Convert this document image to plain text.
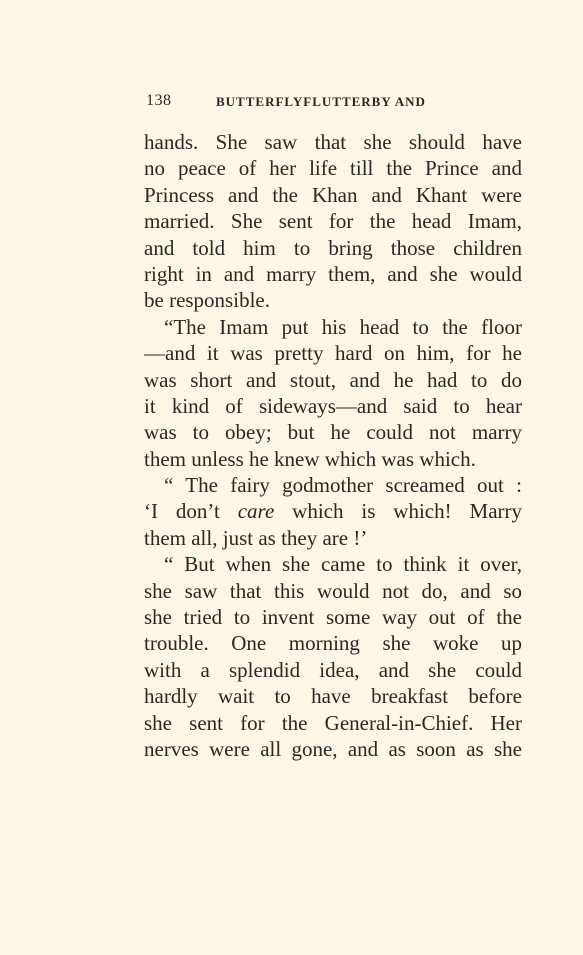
138	BUTTERFLYFLUTTERBY AND
hands. She saw that she should have
no peace of her life till the Prince and
Princess and the Khan and Khant were
married. She sent for the head Imam,
and told him to bring those children
right in and marry them, and she would
be responsible.
“The Imam put his head to the floor
—and it was pretty hard on him, for he
was short and stout, and he had to do
it kind of sideways—and said to hear
was to obey; but he could not marry
them unless he knew which was which.
“ The fairy godmother screamed out :
‘I don’t care which is which! Marry
them all, just as they are !’
“ But when she came to think it over,
she saw that this would not do, and so
she tried to invent some way out of the
trouble. One morning she woke up
with a splendid idea, and she could
hardly wait to have breakfast before
she sent for the General-in-Chief. Her
nerves were all gone, and as soon as she
